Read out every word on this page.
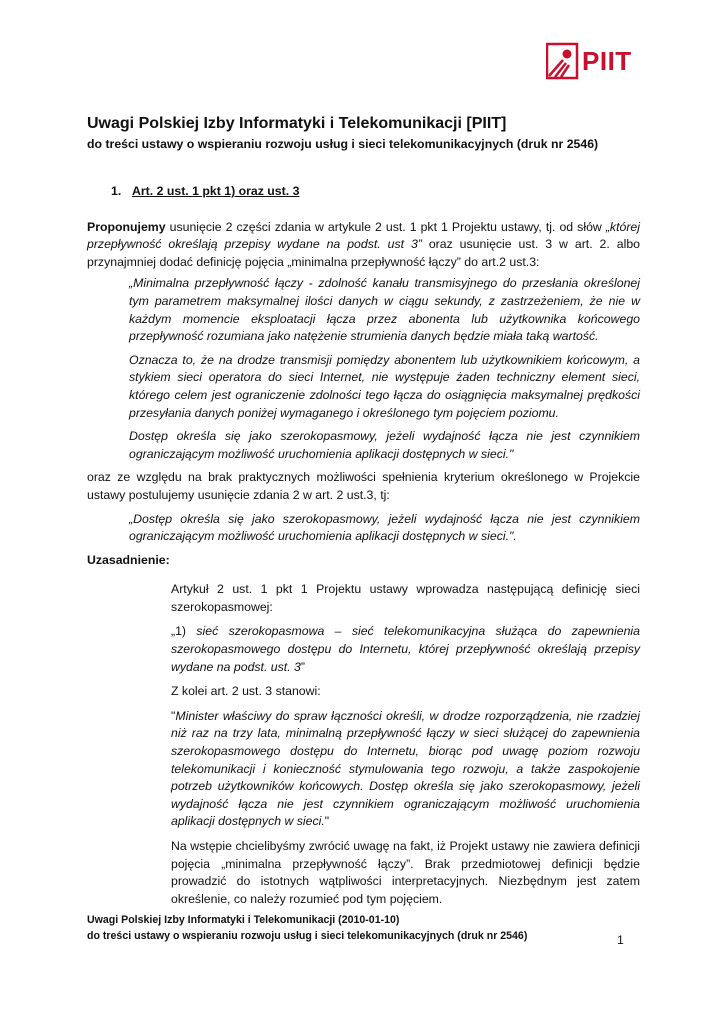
PIIT
Uwagi Polskiej Izby Informatyki i Telekomunikacji [PIIT]
do treści ustawy o wspieraniu rozwoju usług i sieci telekomunikacyjnych (druk nr 2546)
1. Art. 2 ust. 1 pkt 1) oraz ust. 3

Proponujemy usunięcie 2 części zdania w artykule 2 ust. 1 pkt 1 Projektu ustawy, tj. od słów „której przepływność określają przepisy wydane na podst. ust 3” oraz usunięcie ust. 3 w art. 2. albo przynajmniej dodać definicję pojęcia „minimalna przepływność łączy” do art.2 ust.3:

„Minimalna przepływność łączy - zdolność kanału transmisyjnego do przesłania określonej tym parametrem maksymalnej ilości danych w ciągu sekundy, z zastrzeżeniem, że nie w każdym momencie eksploatacji łącza przez abonenta lub użytkownika końcowego przepływność rozumiana jako natężenie strumienia danych będzie miała taką wartość.

Oznacza to, że na drodze transmisji pomiędzy abonentem lub użytkownikiem końcowym, a stykiem sieci operatora do sieci Internet, nie występuje żaden techniczny element sieci, którego celem jest ograniczenie zdolności tego łącza do osiągnięcia maksymalnej prędkości przesyłania danych poniżej wymaganego i określonego tym pojęciem poziomu.

Dostęp określa się jako szerokopasmowy, jeżeli wydajność łącza nie jest czynnikiem ograniczającym możliwość uruchomienia aplikacji dostępnych w sieci."

oraz ze względu na brak praktycznych możliwości spełnienia kryterium określonego w Projekcie ustawy postulujemy usunięcie zdania 2 w art. 2 ust.3, tj:

„Dostęp określa się jako szerokopasmowy, jeżeli wydajność łącza nie jest czynnikiem ograniczającym możliwość uruchomienia aplikacji dostępnych w sieci.".

Uzasadnienie:

Artykuł 2 ust. 1 pkt 1 Projektu ustawy wprowadza następującą definicję sieci szerokopasmowej:

„1) sieć szerokopasmowa – sieć telekomunikacyjna służąca do zapewnienia szerokopasmowego dostępu do Internetu, której przepływność określają przepisy wydane na podst. ust. 3”

Z kolei art. 2 ust. 3 stanowi:

"Minister właściwy do spraw łączności określi, w drodze rozporządzenia, nie rzadziej niż raz na trzy lata, minimalną przepływność łączy w sieci służącej do zapewnienia szerokopasmowego dostępu do Internetu, biorąc pod uwagę poziom rozwoju telekomunikacji i konieczność stymulowania tego rozwoju, a także zaspokojenie potrzeb użytkowników końcowych. Dostęp określa się jako szerokopasmowy, jeżeli wydajność łącza nie jest czynnikiem ograniczającym możliwość uruchomienia aplikacji dostępnych w sieci."

Na wstępie chcielibyśmy zwrócić uwagę na fakt, iż Projekt ustawy nie zawiera definicji pojęcia „minimalna przepływność łączy”. Brak przedmiotowej definicji będzie prowadzić do istotnych wątpliwości interpretacyjnych. Niezbędnym jest zatem określenie, co należy rozumieć pod tym pojęciem.

Uwagi Polskiej Izby Informatyki i Telekomunikacji (2010-01-10)
do treści ustawy o wspieraniu rozwoju usług i sieci telekomunikacyjnych (druk nr 2546)	1
